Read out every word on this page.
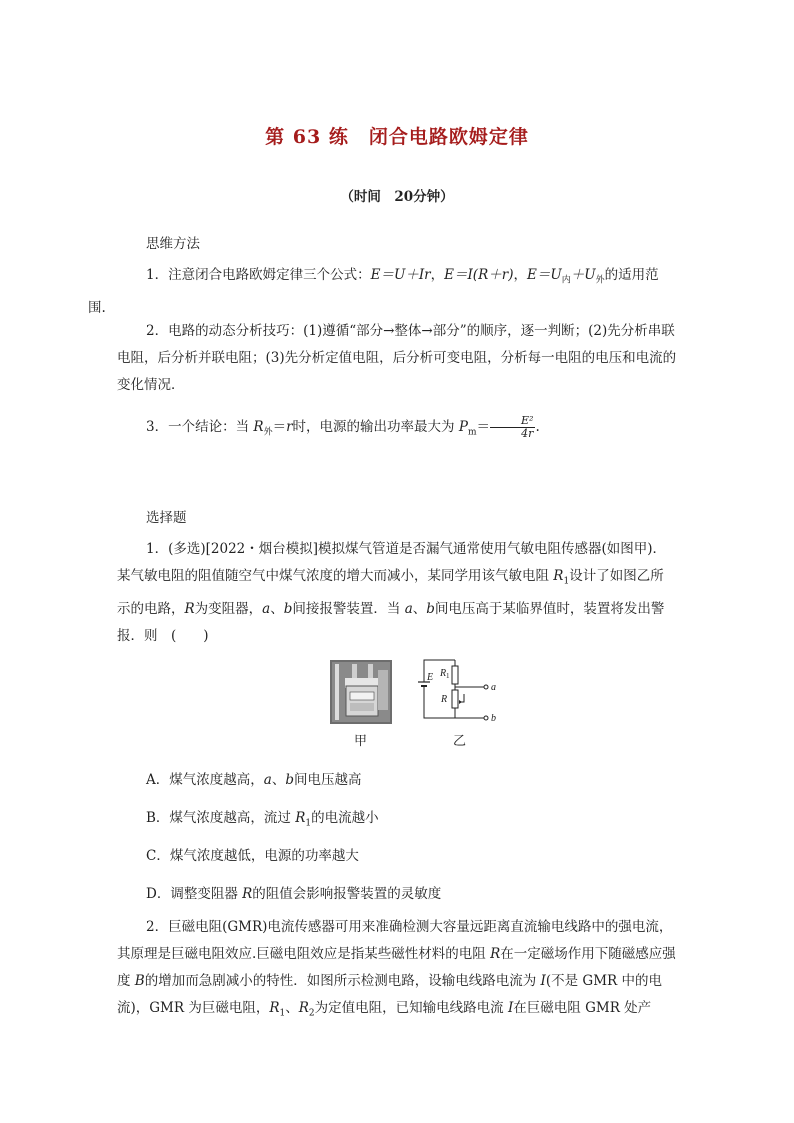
第 63 练　闭合电路欧姆定律
（时间　20分钟）
思维方法

1．注意闭合电路欧姆定律三个公式：E＝U＋Ir，E＝I(R＋r)，$E=U_内+U_外$的适用范
围.

2．电路的动态分析技巧：(1)遵循“部分→整体→部分”的顺序，逐一判断；(2)先分析串联电阻，后分析并联电阻；(3)先分析定值电阻，后分析可变电阻，分析每一电阻的电压和电流的变化情况．

3．一个结论：当 $R_外=r$时，电源的输出功率最大为 $P_m= \frac{\text{E²}}{4r}$ .

选择题

1．(多选)[2022・烟台模拟]模拟煤气管道是否漏气通常使用气敏电阻传感器(如图甲)．某气敏电阻的阻值随空气中煤气浓度的增大而减小，某同学用该气敏电阻 $R_1$设计了如图乙所示的电路，R为变阻器，a、b间接报警装置．当 a、b间电压高于某临界值时，装置将发出警报．则　(　　)

甲
E R 1
R
a
b
乙
A．煤气浓度越高，a、b间电压越高
B．煤气浓度越高，流过 $R_1$的电流越小
C．煤气浓度越低，电源的功率越大
D．调整变阻器 R的阻值会影响报警装置的灵敏度

2．巨磁电阻(GMR)电流传感器可用来准确检测大容量远距离直流输电线路中的强电流，其原理是巨磁电阻效应.巨磁电阻效应是指某些磁性材料的电阻 R在一定磁场作用下随磁感应强度 B的增加而急剧减小的特性．如图所示检测电路，设输电线路电流为 I(不是 GMR 中的电流)，GMR 为巨磁电阻，$R_1$、$R_2$为定值电阻，已知输电线路电流 I在巨磁电阻 GMR 处产
